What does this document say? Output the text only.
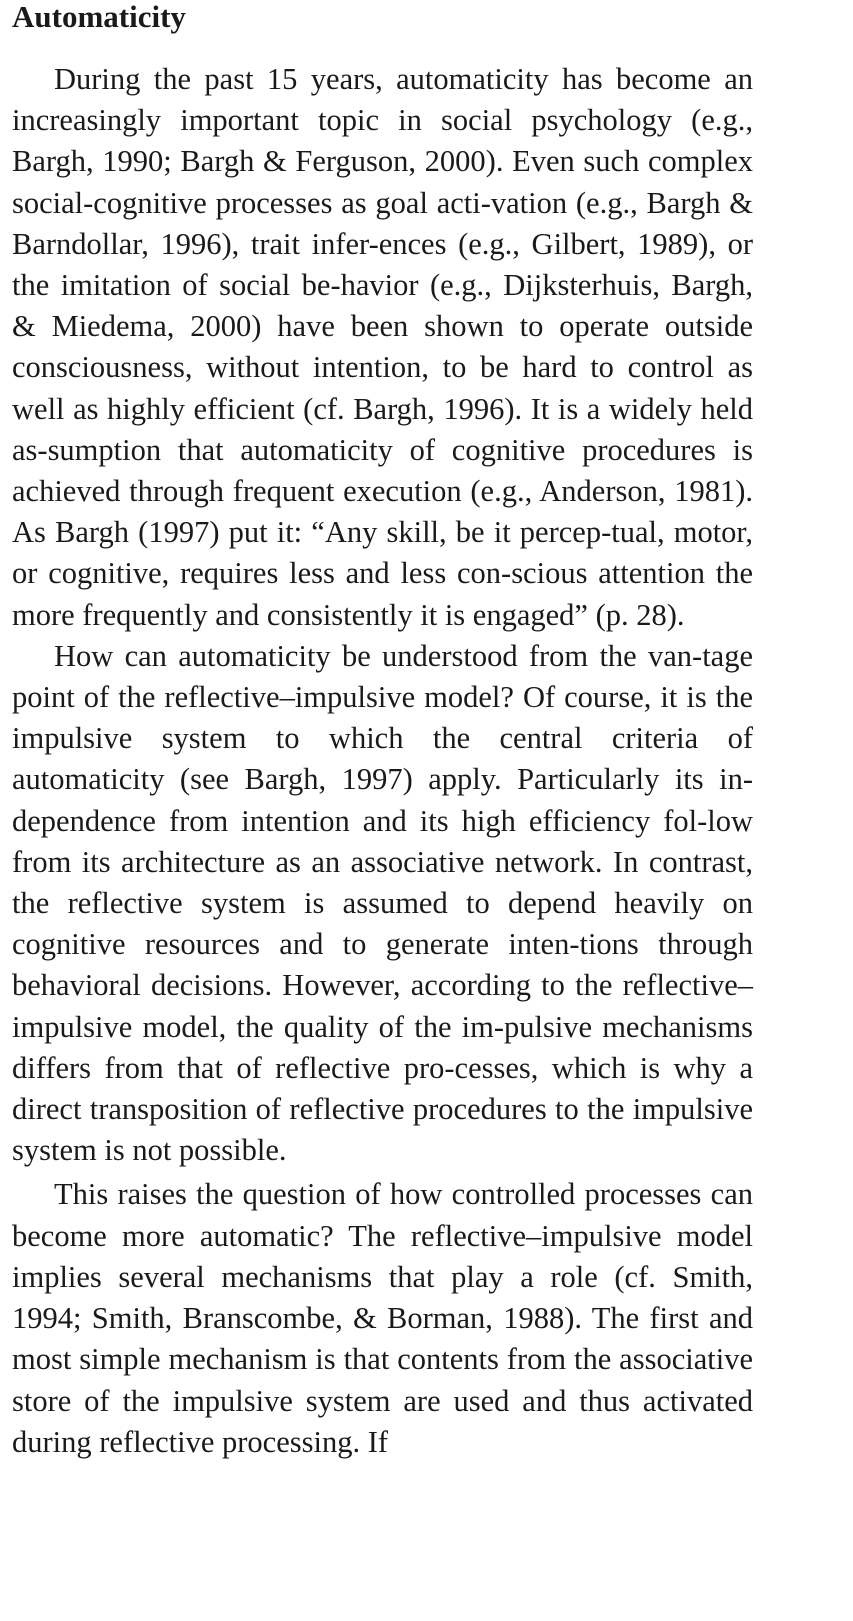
Automaticity

During the past 15 years, automaticity has become an increasingly important topic in social psychology (e.g., Bargh, 1990; Bargh & Ferguson, 2000). Even such complex social-cognitive processes as goal acti-vation (e.g., Bargh & Barndollar, 1996), trait infer-ences (e.g., Gilbert, 1989), or the imitation of social be-havior (e.g., Dijksterhuis, Bargh, & Miedema, 2000) have been shown to operate outside consciousness, without intention, to be hard to control as well as highly efficient (cf. Bargh, 1996). It is a widely held as-sumption that automaticity of cognitive procedures is achieved through frequent execution (e.g., Anderson, 1981). As Bargh (1997) put it: “Any skill, be it percep-tual, motor, or cognitive, requires less and less con-scious attention the more frequently and consistently it is engaged” (p. 28).

How can automaticity be understood from the van-tage point of the reflective–impulsive model? Of course, it is the impulsive system to which the central criteria of automaticity (see Bargh, 1997) apply. Particularly its in-dependence from intention and its high efficiency fol-low from its architecture as an associative network. In contrast, the reflective system is assumed to depend heavily on cognitive resources and to generate inten-tions through behavioral decisions. However, according to the reflective–impulsive model, the quality of the im-pulsive mechanisms differs from that of reflective pro-cesses, which is why a direct transposition of reflective procedures to the impulsive system is not possible.

This raises the question of how controlled processes can become more automatic? The reflective–impulsive model implies several mechanisms that play a role (cf. Smith, 1994; Smith, Branscombe, & Borman, 1988). The first and most simple mechanism is that contents from the associative store of the impulsive system are used and thus activated during reflective processing. If
